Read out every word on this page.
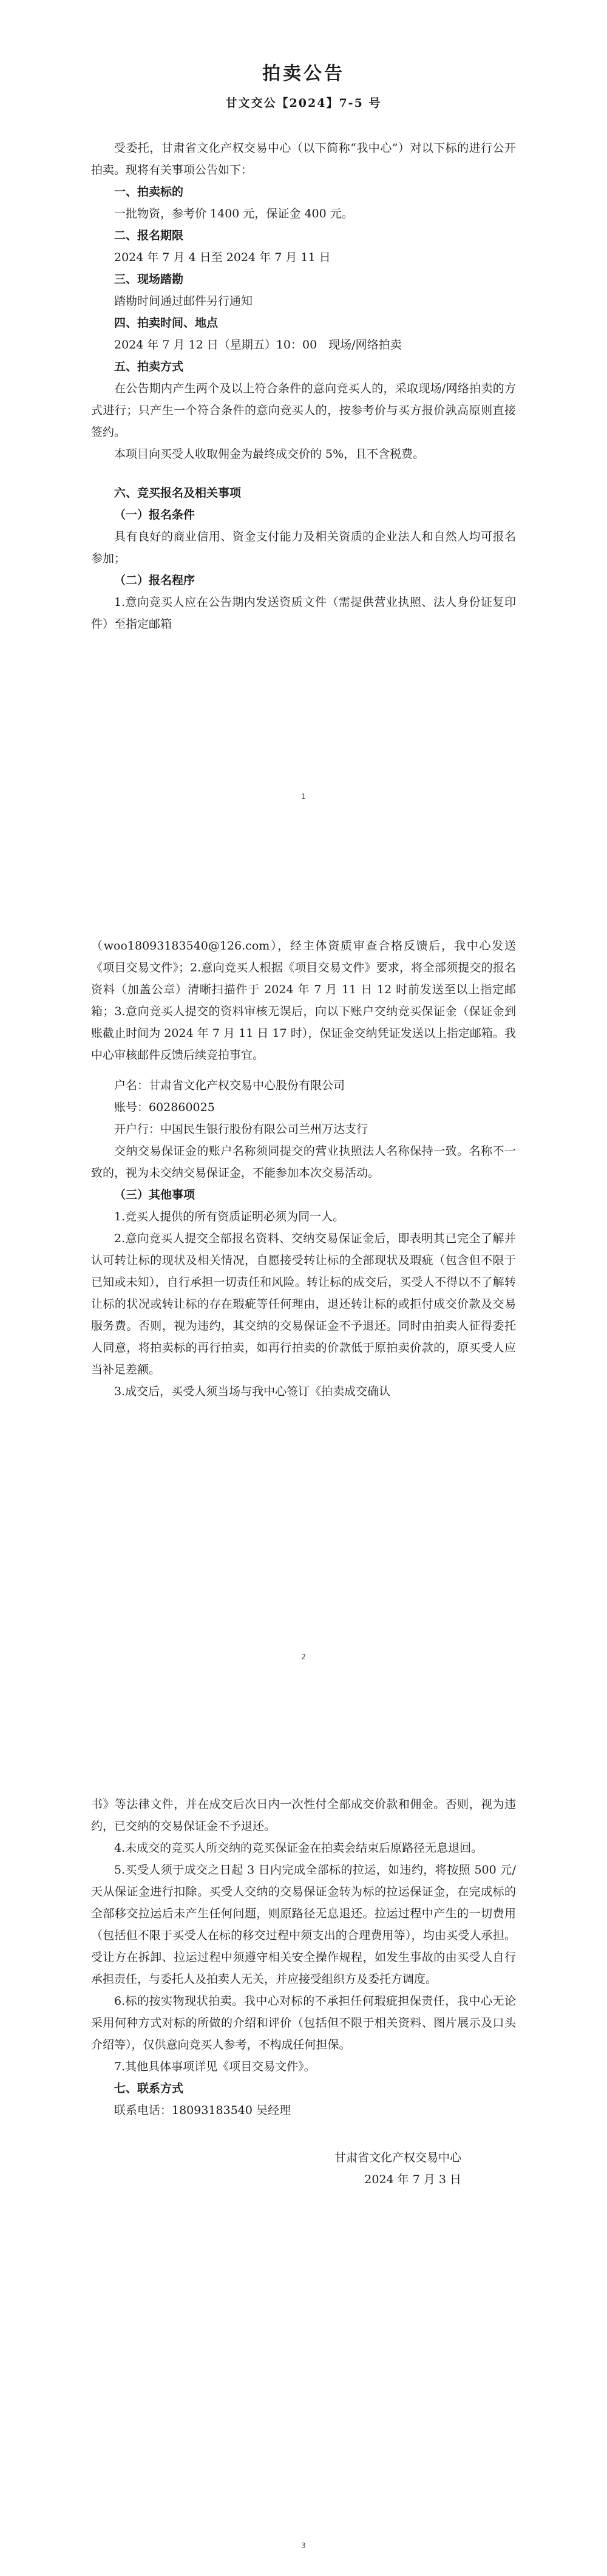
拍卖公告
甘文交公【2024】7-5 号

受委托，甘肃省文化产权交易中心（以下简称“我中心”）对以下标的进行公开拍卖。现将有关事项公告如下：

一、拍卖标的

一批物资，参考价 1400 元，保证金 400 元。

二、报名期限

2024 年 7 月 4 日至 2024 年 7 月 11 日

三、现场踏勘

踏勘时间通过邮件另行通知

四、拍卖时间、地点

2024 年 7 月 12 日（星期五）10：00　现场/网络拍卖

五、拍卖方式

在公告期内产生两个及以上符合条件的意向竞买人的，采取现场/网络拍卖的方式进行；只产生一个符合条件的意向竞买人的，按参考价与买方报价孰高原则直接签约。

本项目向买受人收取佣金为最终成交价的 5%，且不含税费。

六、竞买报名及相关事项

（一）报名条件

具有良好的商业信用、资金支付能力及相关资质的企业法人和自然人均可报名参加；

（二）报名程序

1.意向竞买人应在公告期内发送资质文件（需提供营业执照、法人身份证复印件）至指定邮箱

1

（woo18093183540@126.com），经主体资质审查合格反馈后，我中心发送《项目交易文件》；2.意向竞买人根据《项目交易文件》要求，将全部须提交的报名资料（加盖公章）清晰扫描件于 2024 年 7 月 11 日 12 时前发送至以上指定邮箱；3.意向竞买人提交的资料审核无误后，向以下账户交纳竞买保证金（保证金到账截止时间为 2024 年 7 月 11 日 17 时），保证金交纳凭证发送以上指定邮箱。我中心审核邮件反馈后续竞拍事宜。

户名：甘肃省文化产权交易中心股份有限公司

账号：602860025

开户行：中国民生银行股份有限公司兰州万达支行

交纳交易保证金的账户名称须同提交的营业执照法人名称保持一致。名称不一致的，视为未交纳交易保证金，不能参加本次交易活动。

（三）其他事项

1.竞买人提供的所有资质证明必须为同一人。

2.意向竞买人提交全部报名资料、交纳交易保证金后，即表明其已完全了解并认可转让标的现状及相关情况，自愿接受转让标的全部现状及瑕疵（包含但不限于已知或未知），自行承担一切责任和风险。转让标的成交后，买受人不得以不了解转让标的状况或转让标的存在瑕疵等任何理由，退还转让标的或拒付成交价款及交易服务费。否则，视为违约，其交纳的交易保证金不予退还。同时由拍卖人征得委托人同意，将拍卖标的再行拍卖，如再行拍卖的价款低于原拍卖价款的，原买受人应当补足差额。

3.成交后，买受人须当场与我中心签订《拍卖成交确认

2

书》等法律文件，并在成交后次日内一次性付全部成交价款和佣金。否则，视为违约，已交纳的交易保证金不予退还。

4.未成交的竞买人所交纳的竞买保证金在拍卖会结束后原路径无息退回。

5.买受人须于成交之日起 3 日内完成全部标的拉运，如违约，将按照 500 元/天从保证金进行扣除。买受人交纳的交易保证金转为标的拉运保证金，在完成标的全部移交拉运后未产生任何问题，则原路径无息退还。拉运过程中产生的一切费用（包括但不限于买受人在标的移交过程中须支出的合理费用等），均由买受人承担。受让方在拆卸、拉运过程中须遵守相关安全操作规程，如发生事故的由买受人自行承担责任，与委托人及拍卖人无关，并应接受组织方及委托方调度。

6.标的按实物现状拍卖。我中心对标的不承担任何瑕疵担保责任，我中心无论采用何种方式对标的所做的介绍和评价（包括但不限于相关资料、图片展示及口头介绍等），仅供意向竞买人参考，不构成任何担保。

7.其他具体事项详见《项目交易文件》。

七、联系方式

联系电话：18093183540 吴经理

甘肃省文化产权交易中心

2024 年 7 月 3 日

3
